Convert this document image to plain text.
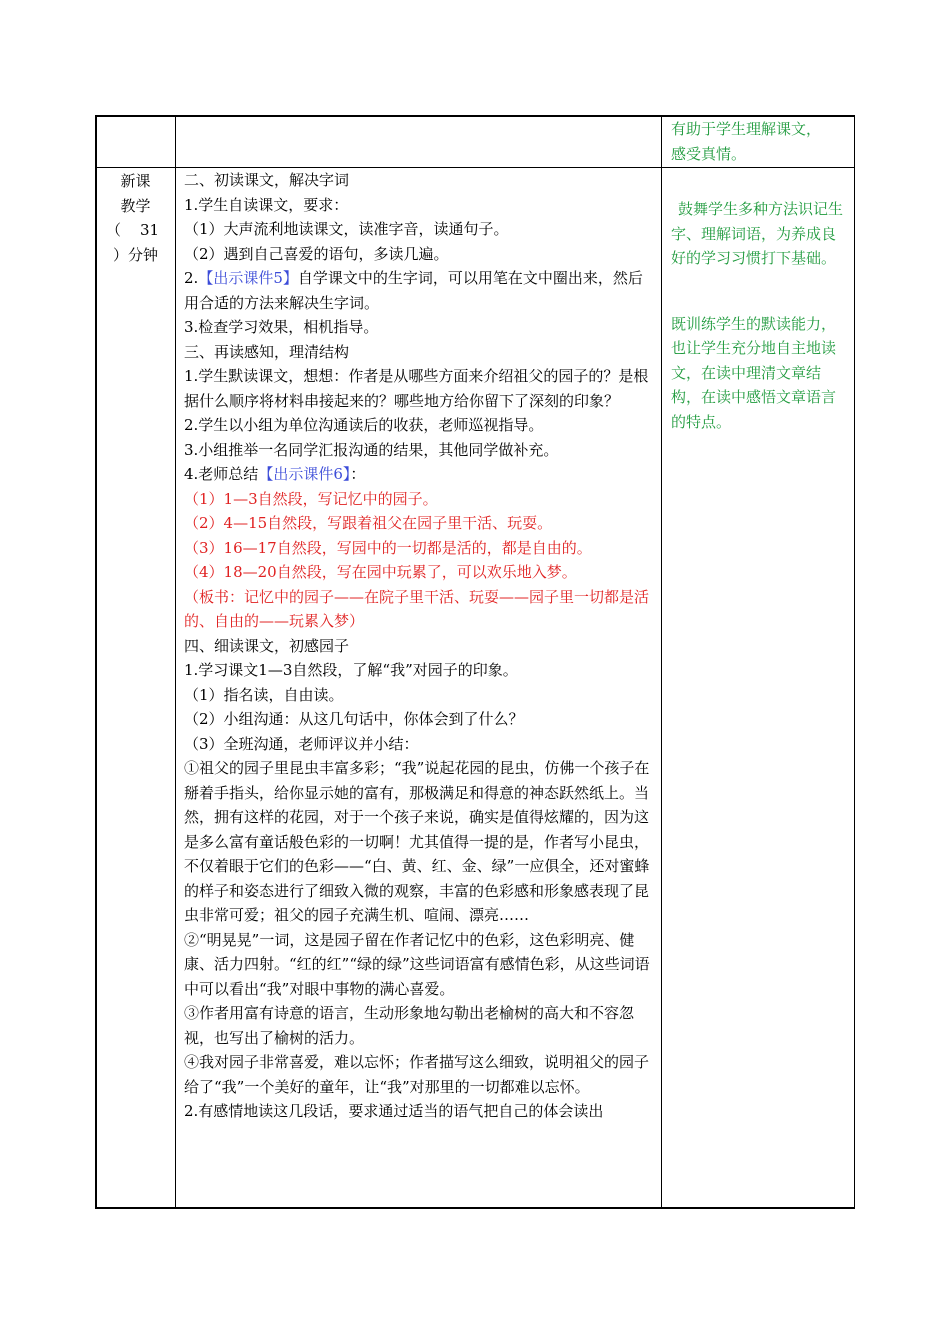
有助于学生理解课文，
感受真情。
新课
教学
（ 31
）分钟
二、初读课文，解决字词
1.学生自读课文，要求：
（1）大声流利地读课文，读准字音，读通句子。
（2）遇到自己喜爱的语句，多读几遍。
2.【出示课件5】自学课文中的生字词，可以用笔在文中圈出来，然后用合适的方法来解决生字词。
3.检查学习效果，相机指导。
三、再读感知，理清结构
1.学生默读课文，想想：作者是从哪些方面来介绍祖父的园子的？是根据什么顺序将材料串接起来的？哪些地方给你留下了深刻的印象？
2.学生以小组为单位沟通读后的收获，老师巡视指导。
3.小组推举一名同学汇报沟通的结果，其他同学做补充。
4.老师总结【出示课件6】：
（1）1—3自然段，写记忆中的园子。
（2）4—15自然段，写跟着祖父在园子里干活、玩耍。
（3）16—17自然段，写园中的一切都是活的，都是自由的。
（4）18—20自然段，写在园中玩累了，可以欢乐地入梦。
（板书：记忆中的园子——在院子里干活、玩耍——园子里一切都是活的、自由的——玩累入梦）
四、细读课文，初感园子
1.学习课文1—3自然段，了解“我”对园子的印象。
（1）指名读，自由读。
（2）小组沟通：从这几句话中，你体会到了什么？
（3）全班沟通，老师评议并小结：
①祖父的园子里昆虫丰富多彩；“我”说起花园的昆虫，仿佛一个孩子在掰着手指头，给你显示她的富有，那极满足和得意的神态跃然纸上。当然，拥有这样的花园，对于一个孩子来说，确实是值得炫耀的，因为这是多么富有童话般色彩的一切啊！尤其值得一提的是，作者写小昆虫，不仅着眼于它们的色彩——“白、黄、红、金、绿”一应俱全，还对蜜蜂的样子和姿态进行了细致入微的观察，丰富的色彩感和形象感表现了昆虫非常可爱；祖父的园子充满生机、喧闹、漂亮……
②“明晃晃”一词，这是园子留在作者记忆中的色彩，这色彩明亮、健康、活力四射。“红的红”“绿的绿”这些词语富有感情色彩，从这些词语中可以看出“我”对眼中事物的满心喜爱。
③作者用富有诗意的语言，生动形象地勾勒出老榆树的高大和不容忽视，也写出了榆树的活力。
④我对园子非常喜爱，难以忘怀；作者描写这么细致，说明祖父的园子给了“我”一个美好的童年，让“我”对那里的一切都难以忘怀。
2.有感情地读这几段话，要求通过适当的语气把自己的体会读出
鼓舞学生多种方法识记生字、理解词语，为养成良好的学习习惯打下基础。
既训练学生的默读能力，也让学生充分地自主地读文，在读中理清文章结构，在读中感悟文章语言的特点。
